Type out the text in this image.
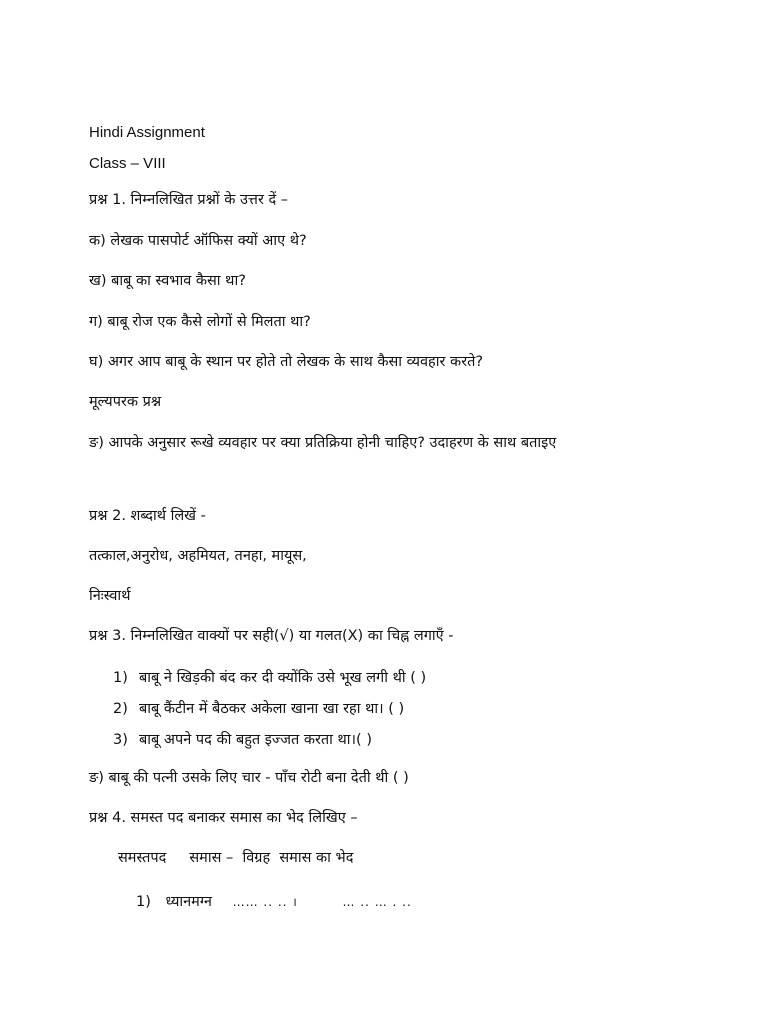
Hindi Assignment
Class – VIII
प्रश्न 1. निम्नलिखित प्रश्नों के उत्तर दें –
क) लेखक पासपोर्ट ऑफिस क्यों आए थे?
ख) बाबू का स्वभाव कैसा था?
ग) बाबू रोज एक कैसे लोगों से मिलता था?
घ) अगर आप बाबू के स्थान पर होते तो लेखक के साथ कैसा व्यवहार करते?
मूल्यपरक प्रश्न
ङ) आपके अनुसार रूखे व्यवहार पर क्या प्रतिक्रिया होनी चाहिए? उदाहरण के साथ बताइए
प्रश्न 2. शब्दार्थ लिखें -
तत्काल,अनुरोध, अहमियत, तनहा, मायूस,
निःस्वार्थ
प्रश्न 3. निम्नलिखित वाक्यों पर सही(√) या गलत(X) का चिह्न लगाएँ -
1) बाबू ने खिड़की बंद कर दी क्योंकि उसे भूख लगी थी ( )
2) बाबू कैंटीन में बैठकर अकेला खाना खा रहा था। ( )
3) बाबू अपने पद की बहुत इज्जत करता था।( )
ङ) बाबू की पत्नी उसके लिए चार - पाँच रोटी बना देती थी ( )
प्रश्न 4. समस्त पद बनाकर समास का भेद लिखिए –
समस्तपद     समास –  विग्रह  समास का भेद
1) ध्यानमग्न …… .. .. ।	… .. … . ..
